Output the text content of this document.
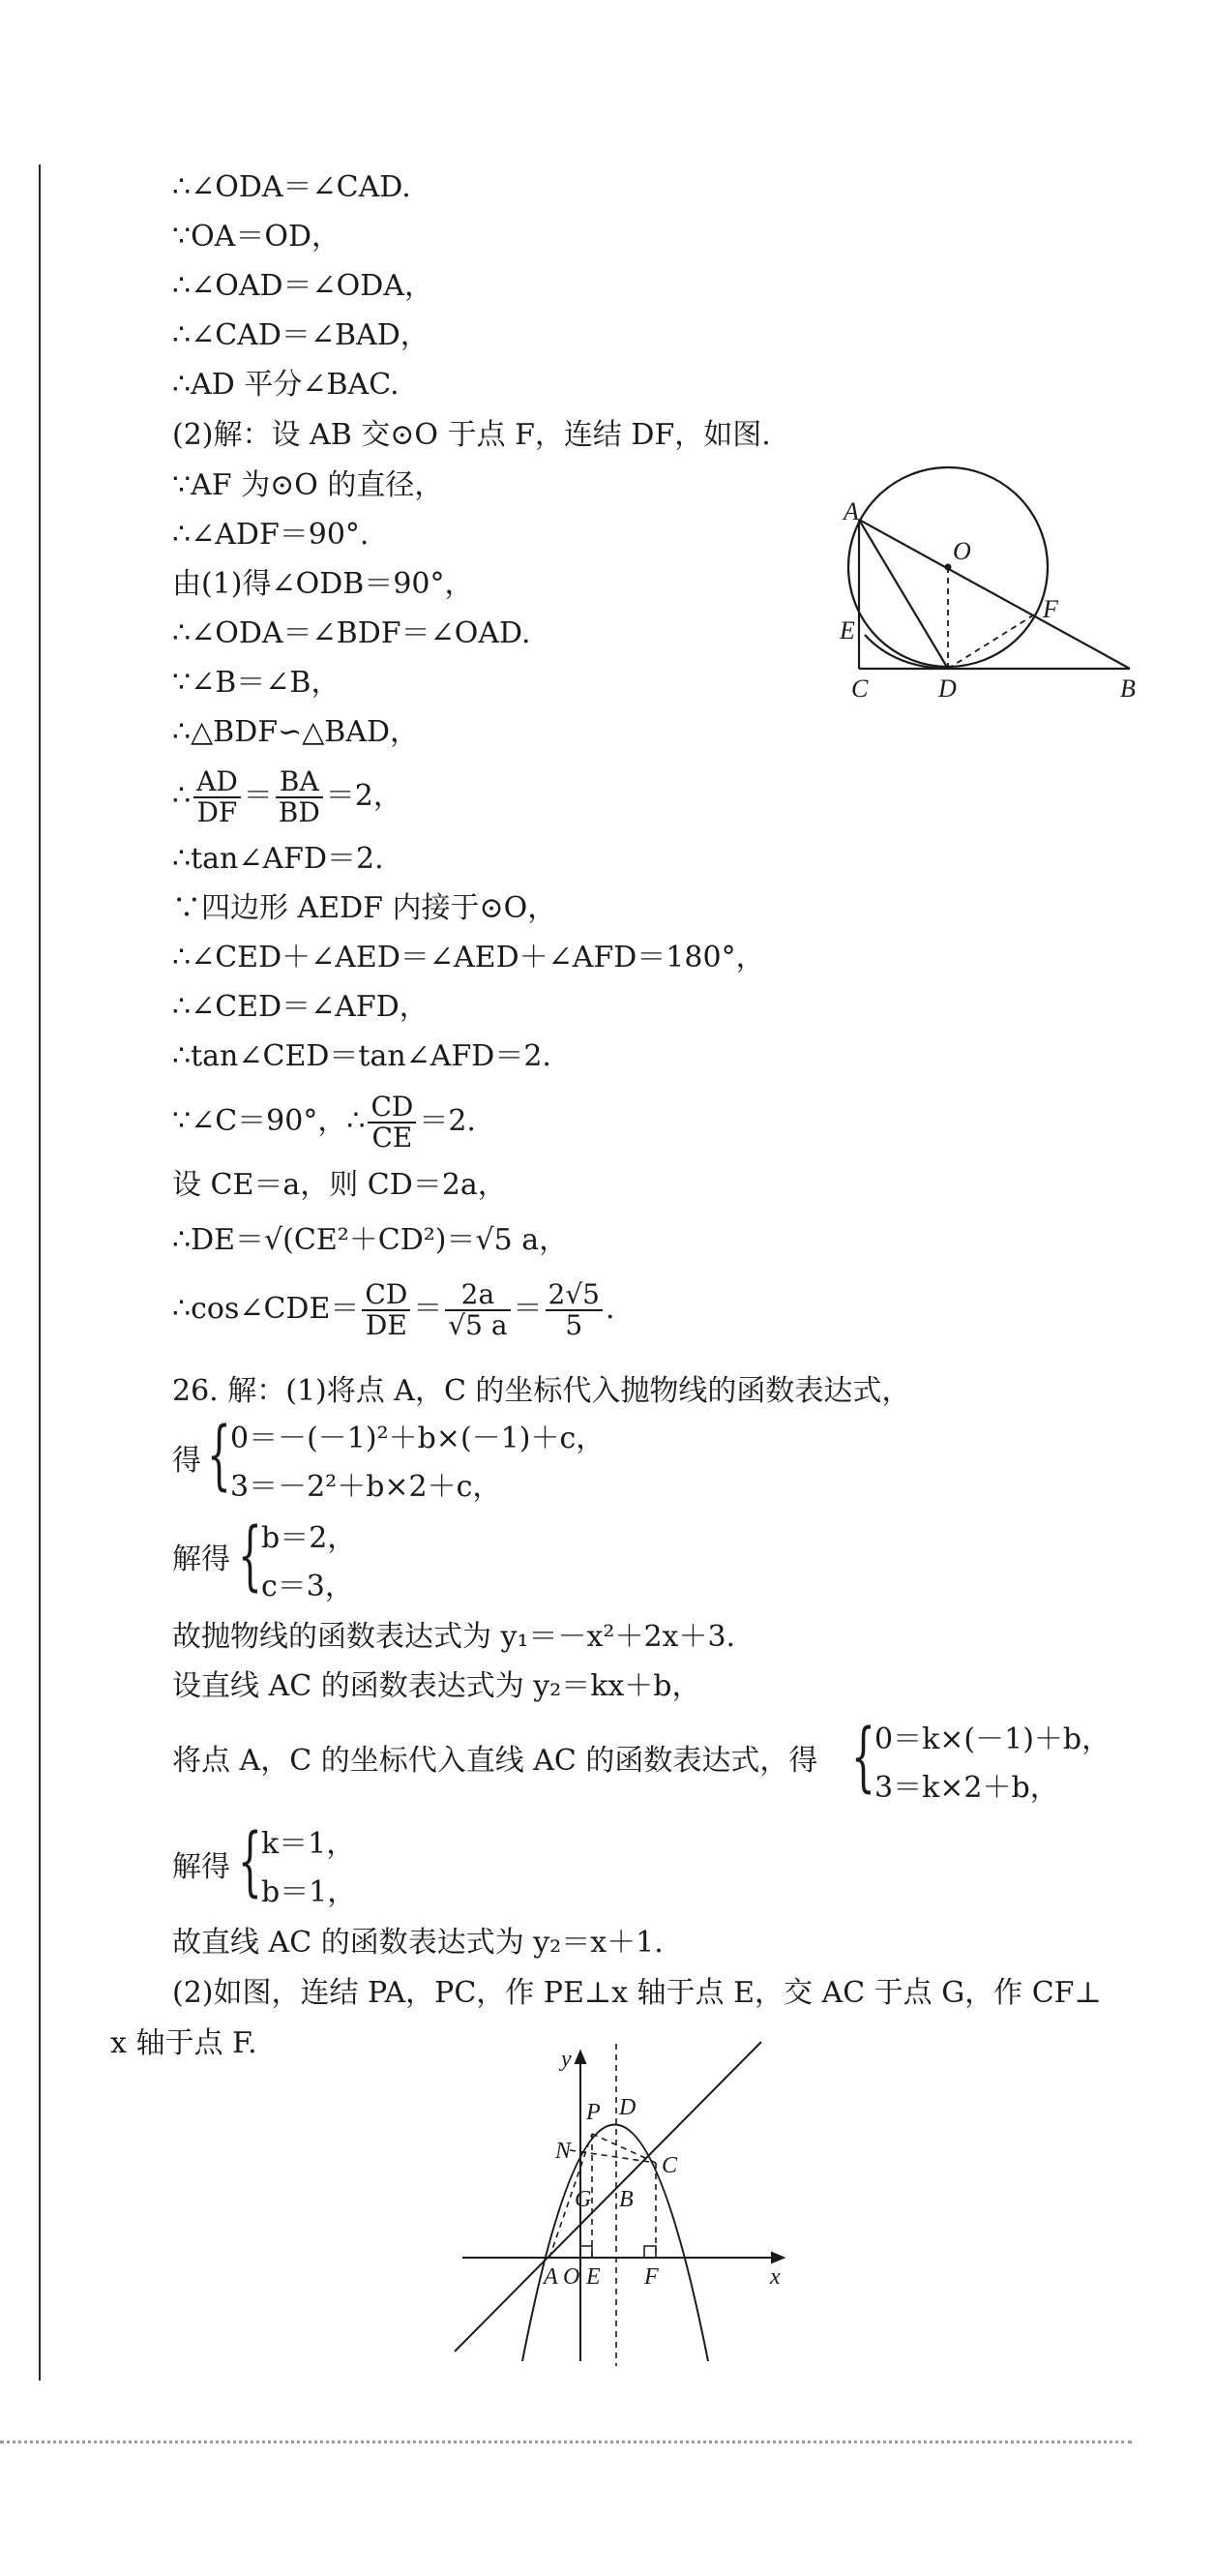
∴∠ODA＝∠CAD.
∵OA＝OD，
∴∠OAD＝∠ODA，
∴∠CAD＝∠BAD，
∴AD 平分∠BAC.
(2)解：设 AB 交⊙O 于点 F，连结 DF，如图.
∵AF 为⊙O 的直径，
∴∠ADF＝90°.
由(1)得∠ODB＝90°，
∴∠ODA＝∠BDF＝∠OAD.
∵∠B＝∠B，
∴△BDF∽△BAD，
∴ $\frac{AD}{DF} = \frac{BA}{BD} =2$，
∴tan∠AFD＝2.
∵四边形 AEDF 内接于⊙O，
∴∠CED＋∠AED＝∠AED＋∠AFD＝180°，
∴∠CED＝∠AFD，
∴tan∠CED＝tan∠AFD＝2.
∵∠C＝90°，∴ $\frac{CD}{CE} =2$.
设 CE＝a，则 CD＝2a，
∴DE＝√(CE²＋CD²)＝√5 a，
∴cos∠CDE＝ $\frac{CD}{DE} = \frac{2a}{√5 a} = \frac{2√5}{5}$ .
26. 解：(1)将点 A，C 的坐标代入抛物线的函数表达式，
得 { 0＝－(－1)²＋b×(－1)＋c，
3＝－2²＋b×2＋c，
解得 { b＝2，
c＝3，
故抛物线的函数表达式为 y₁＝－x²＋2x＋3.
设直线 AC 的函数表达式为 y₂＝kx＋b，
将点 A，C 的坐标代入直线 AC 的函数表达式，得 { 0＝k×(－1)＋b，
3＝k×2＋b，
解得 { k＝1，
b＝1，
故直线 AC 的函数表达式为 y₂＝x＋1.
(2)如图，连结 PA，PC，作 PE⊥x 轴于点 E，交 AC 于点 G，作 CF⊥
x 轴于点 F.
A
O
F
E
C	D	B
y
P D
N
C
G B
A O E F	x
